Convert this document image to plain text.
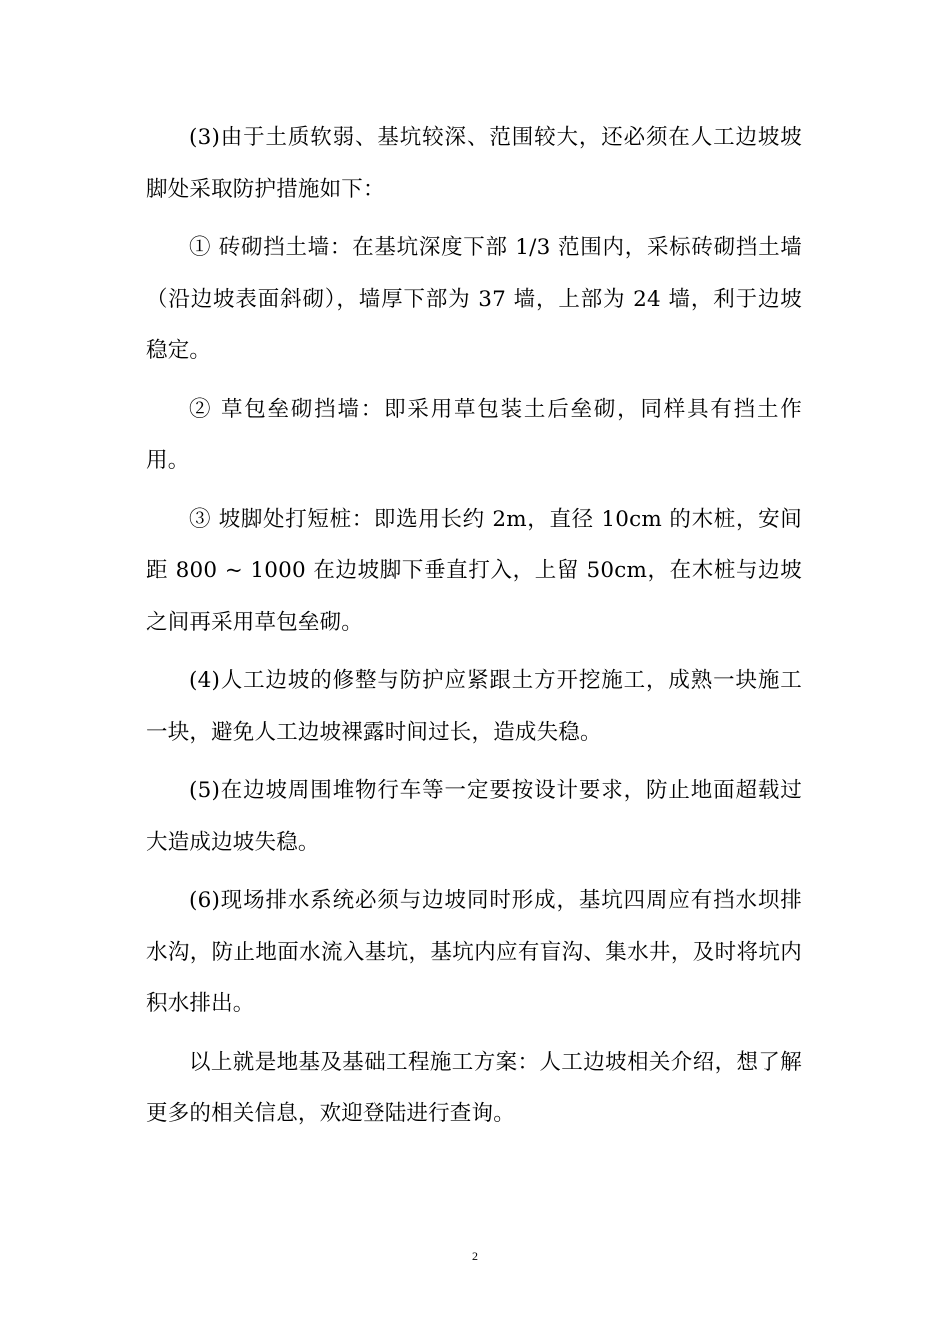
(3)由于土质软弱、基坑较深、范围较大，还必须在人工边坡坡脚处采取防护措施如下：

① 砖砌挡土墙：在基坑深度下部 1/3 范围内，采标砖砌挡土墙（沿边坡表面斜砌），墙厚下部为 37 墙，上部为 24 墙，利于边坡稳定。

② 草包垒砌挡墙：即采用草包装土后垒砌，同样具有挡土作用。

③ 坡脚处打短桩：即选用长约 2m，直径 10cm 的木桩，安间距 800 ~ 1000 在边坡脚下垂直打入，上留 50cm，在木桩与边坡之间再采用草包垒砌。

(4)人工边坡的修整与防护应紧跟土方开挖施工，成熟一块施工一块，避免人工边坡裸露时间过长，造成失稳。

(5)在边坡周围堆物行车等一定要按设计要求，防止地面超载过大造成边坡失稳。

(6)现场排水系统必须与边坡同时形成，基坑四周应有挡水坝排水沟，防止地面水流入基坑，基坑内应有盲沟、集水井，及时将坑内积水排出。

以上就是地基及基础工程施工方案：人工边坡相关介绍，想了解更多的相关信息，欢迎登陆进行查询。

2
